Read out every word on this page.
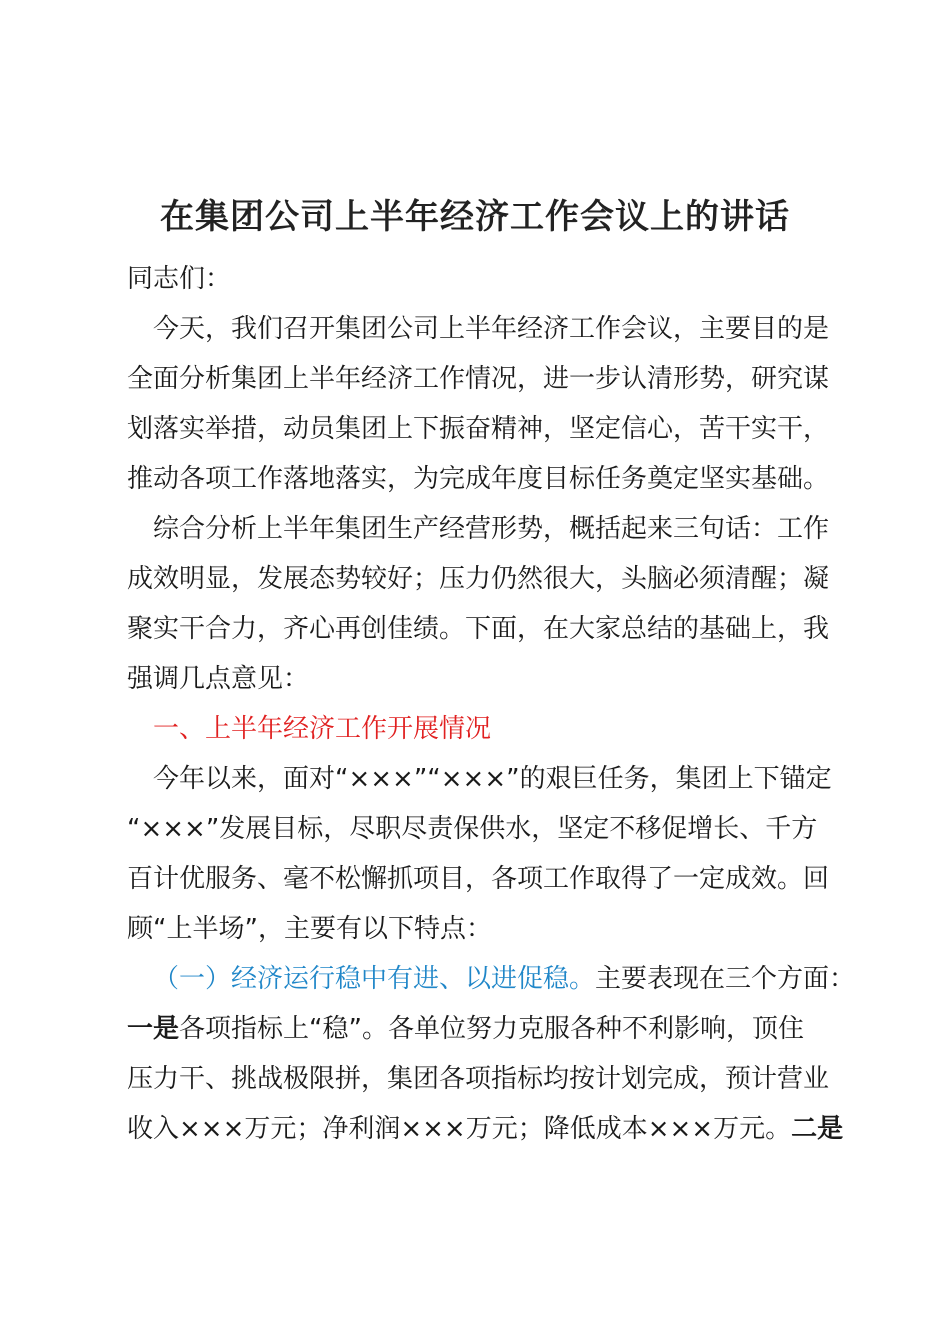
在集团公司上半年经济工作会议上的讲话

同志们：

今天，我们召开集团公司上半年经济工作会议，主要目的是

全面分析集团上半年经济工作情况，进一步认清形势，研究谋

划落实举措，动员集团上下振奋精神，坚定信心，苦干实干，

推动各项工作落地落实，为完成年度目标任务奠定坚实基础。

综合分析上半年集团生产经营形势，概括起来三句话：工作

成效明显，发展态势较好；压力仍然很大，头脑必须清醒；凝

聚实干合力，齐心再创佳绩。下面，在大家总结的基础上，我

强调几点意见：

一、上半年经济工作开展情况

今年以来，面对“×××”“×××”的艰巨任务，集团上下锚定

“×××”发展目标，尽职尽责保供水，坚定不移促增长、千方

百计优服务、毫不松懈抓项目，各项工作取得了一定成效。回

顾“上半场”，主要有以下特点：

（一）经济运行稳中有进、以进促稳。主要表现在三个方面：

一是各项指标上“稳”。各单位努力克服各种不利影响，顶住

压力干、挑战极限拼，集团各项指标均按计划完成，预计营业

收入×××万元；净利润×××万元；降低成本×××万元。二是
